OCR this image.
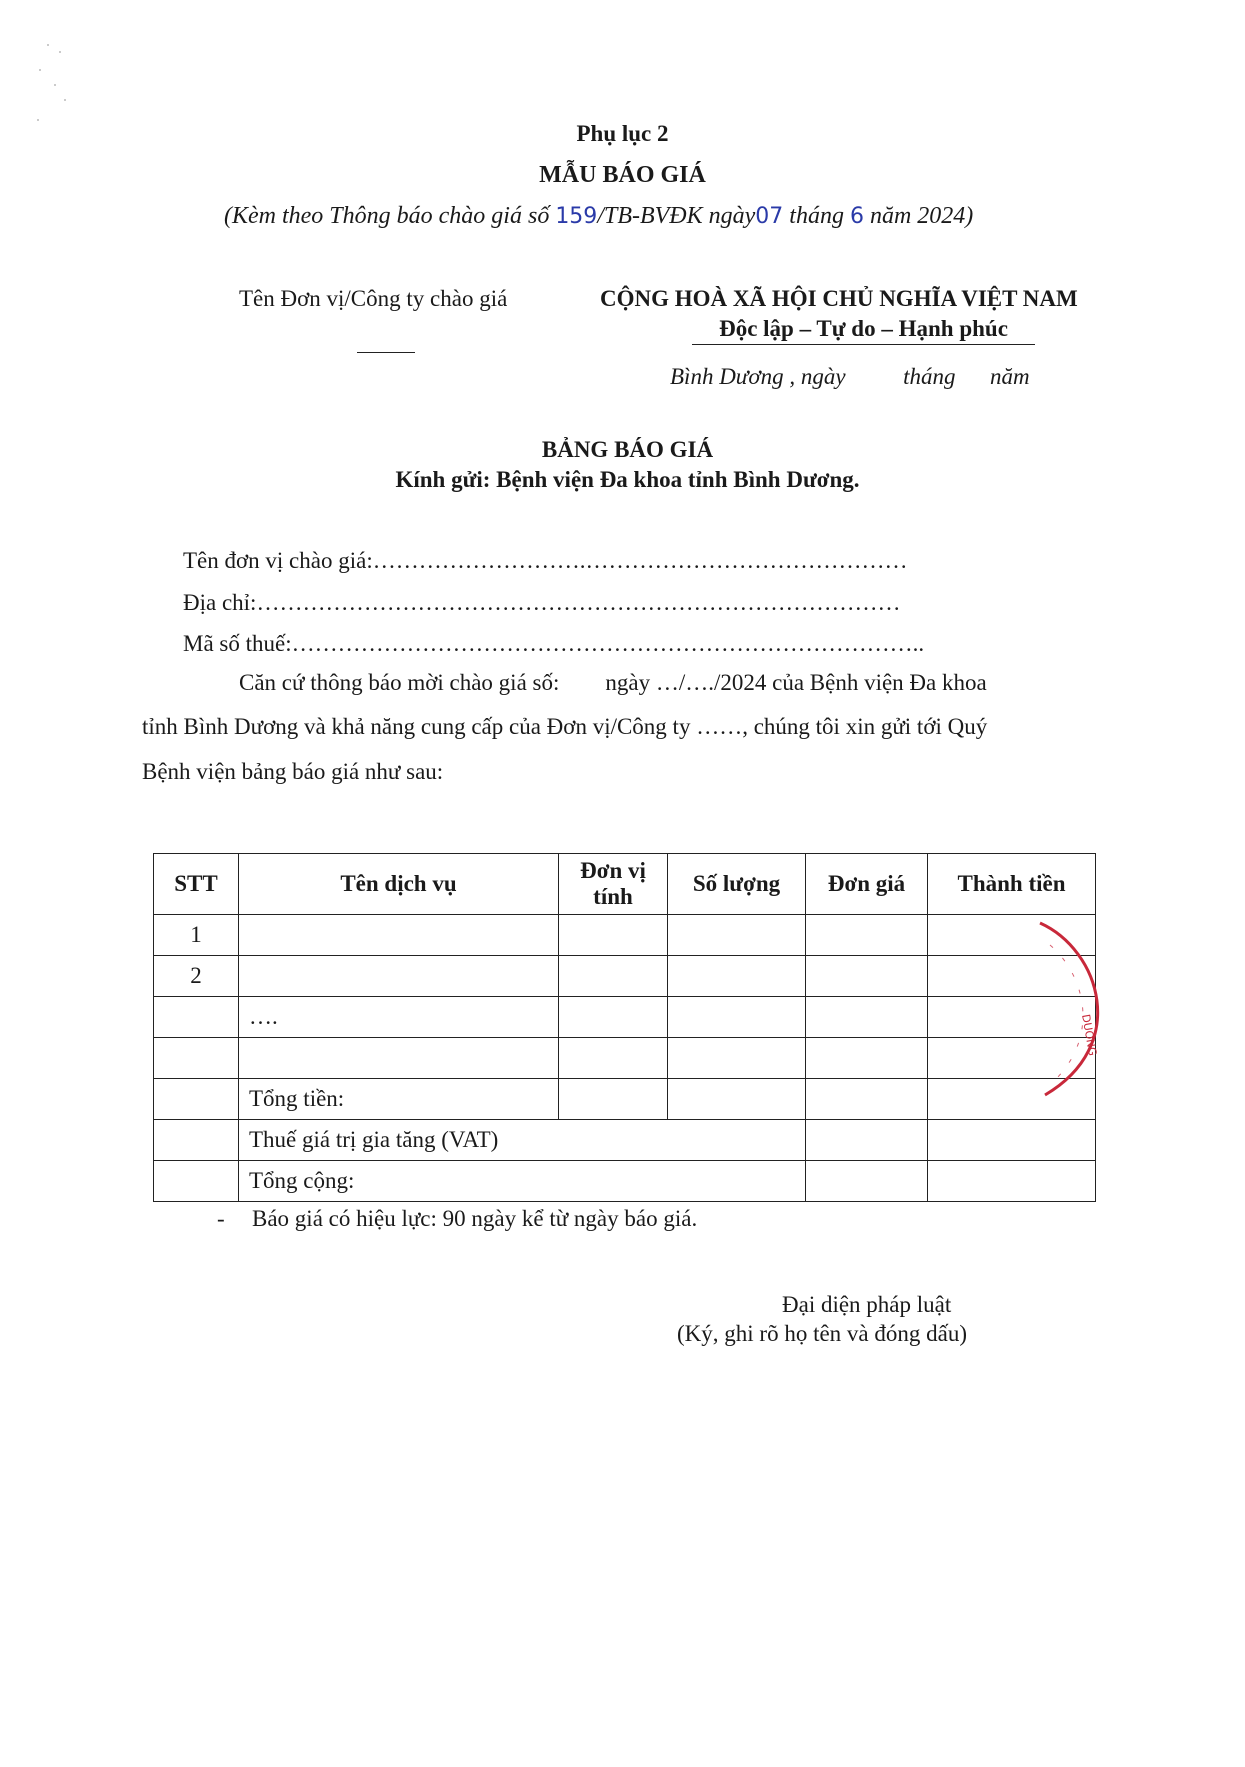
Phụ lục 2
MẪU BÁO GIÁ
(Kèm theo Thông báo chào giá số 159/TB-BVĐK ngày07 tháng 6 năm 2024)
Tên Đơn vị/Công ty chào giá	CỘNG HOÀ XÃ HỘI CHỦ NGHĨA VIỆT NAM
Độc lập – Tự do – Hạnh phúc
Bình Dương , ngày          tháng      năm
BẢNG BÁO GIÁ
Kính gửi: Bệnh viện Đa khoa tỉnh Bình Dương.
Tên đơn vị chào giá:……………………….……………………………………
Địa chỉ:…………………………………………………………………………
Mã số thuế:………………………………………………………………………..
Căn cứ thông báo mời chào giá số:        ngày …/…./2024 của Bệnh viện Đa khoa
tỉnh Bình Dương và khả năng cung cấp của Đơn vị/Công ty ……, chúng tôi xin gửi tới Quý
Bệnh viện bảng báo giá như sau:
STT	Tên dịch vụ	Đơn vị tính	Số lượng	Đơn giá	Thành tiền
1					
2					
	….				

	Tổng tiền:				
	Thuế giá trị gia tăng (VAT)				
	Tổng cộng:				
DUONG
- Báo giá có hiệu lực: 90 ngày kể từ ngày báo giá.
Đại diện pháp luật
(Ký, ghi rõ họ tên và đóng dấu)
